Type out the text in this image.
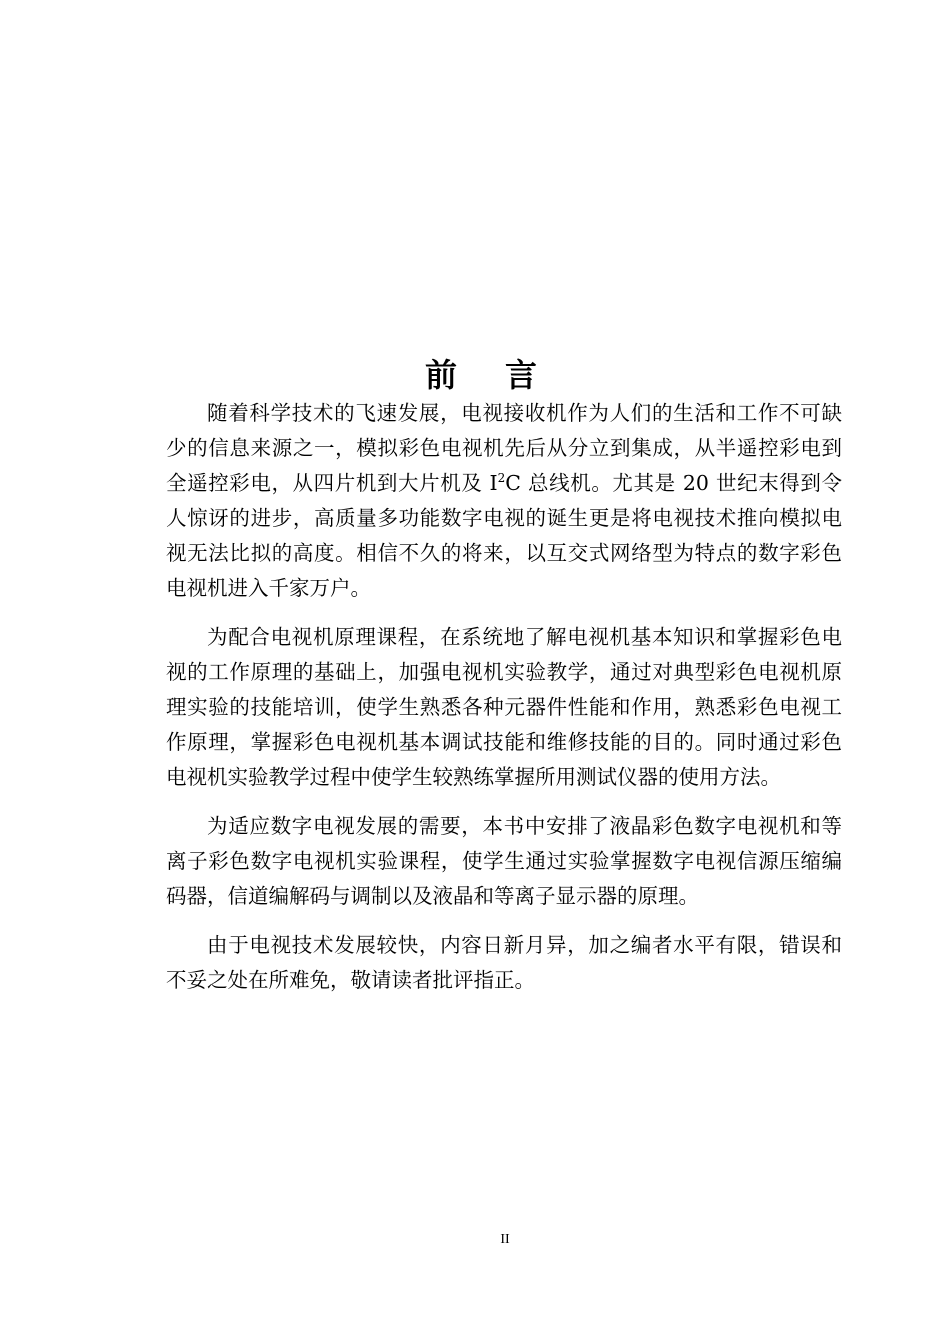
前言

随着科学技术的飞速发展，电视接收机作为人们的生活和工作不可缺少的信息来源之一，模拟彩色电视机先后从分立到集成，从半遥控彩电到全遥控彩电，从四片机到大片机及 $I^2C$ 总线机。尤其是 20 世纪末得到令人惊讶的进步，高质量多功能数字电视的诞生更是将电视技术推向模拟电视无法比拟的高度。相信不久的将来，以互交式网络型为特点的数字彩色电视机进入千家万户。

为配合电视机原理课程，在系统地了解电视机基本知识和掌握彩色电视的工作原理的基础上，加强电视机实验教学，通过对典型彩色电视机原理实验的技能培训，使学生熟悉各种元器件性能和作用，熟悉彩色电视工作原理，掌握彩色电视机基本调试技能和维修技能的目的。同时通过彩色电视机实验教学过程中使学生较熟练掌握所用测试仪器的使用方法。

为适应数字电视发展的需要，本书中安排了液晶彩色数字电视机和等离子彩色数字电视机实验课程，使学生通过实验掌握数字电视信源压缩编码器，信道编解码与调制以及液晶和等离子显示器的原理。

由于电视技术发展较快，内容日新月异，加之编者水平有限，错误和不妥之处在所难免，敬请读者批评指正。

II
